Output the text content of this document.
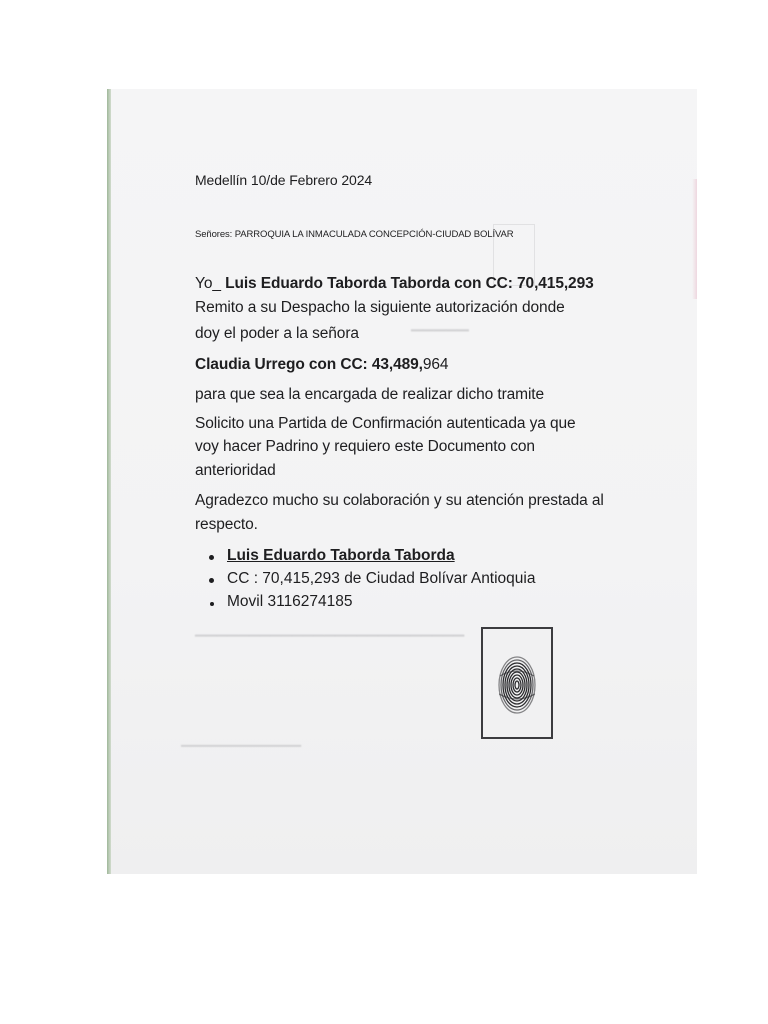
▁▁▁▁▁
Medellín 10/de Febrero 2024
Señores: PARROQUIA LA INMACULADA CONCEPCIÓN-CIUDAD BOLÍVAR
Yo_ Luis Eduardo Taborda Taborda con CC: 70,415,293
Remito a su Despacho la siguiente autorización donde
doy el poder a la señora
Claudia Urrego con CC: 43,489,964
para que sea la encargada de realizar dicho tramite
Solicito una Partida de Confirmación autenticada ya que
voy hacer Padrino y requiero este Documento con
anterioridad
Agradezco mucho su colaboración y su atención prestada al
respecto.
Luis Eduardo Taborda Taborda
CC : 70,415,293 de Ciudad Bolívar Antioquia
Movil 3116274185
▁▁▁▁▁▁▁▁▁▁▁▁▁▁▁▁▁▁▁▁▁▁▁▁▁
▁▁▁▁▁▁▁▁▁▁▁▁
